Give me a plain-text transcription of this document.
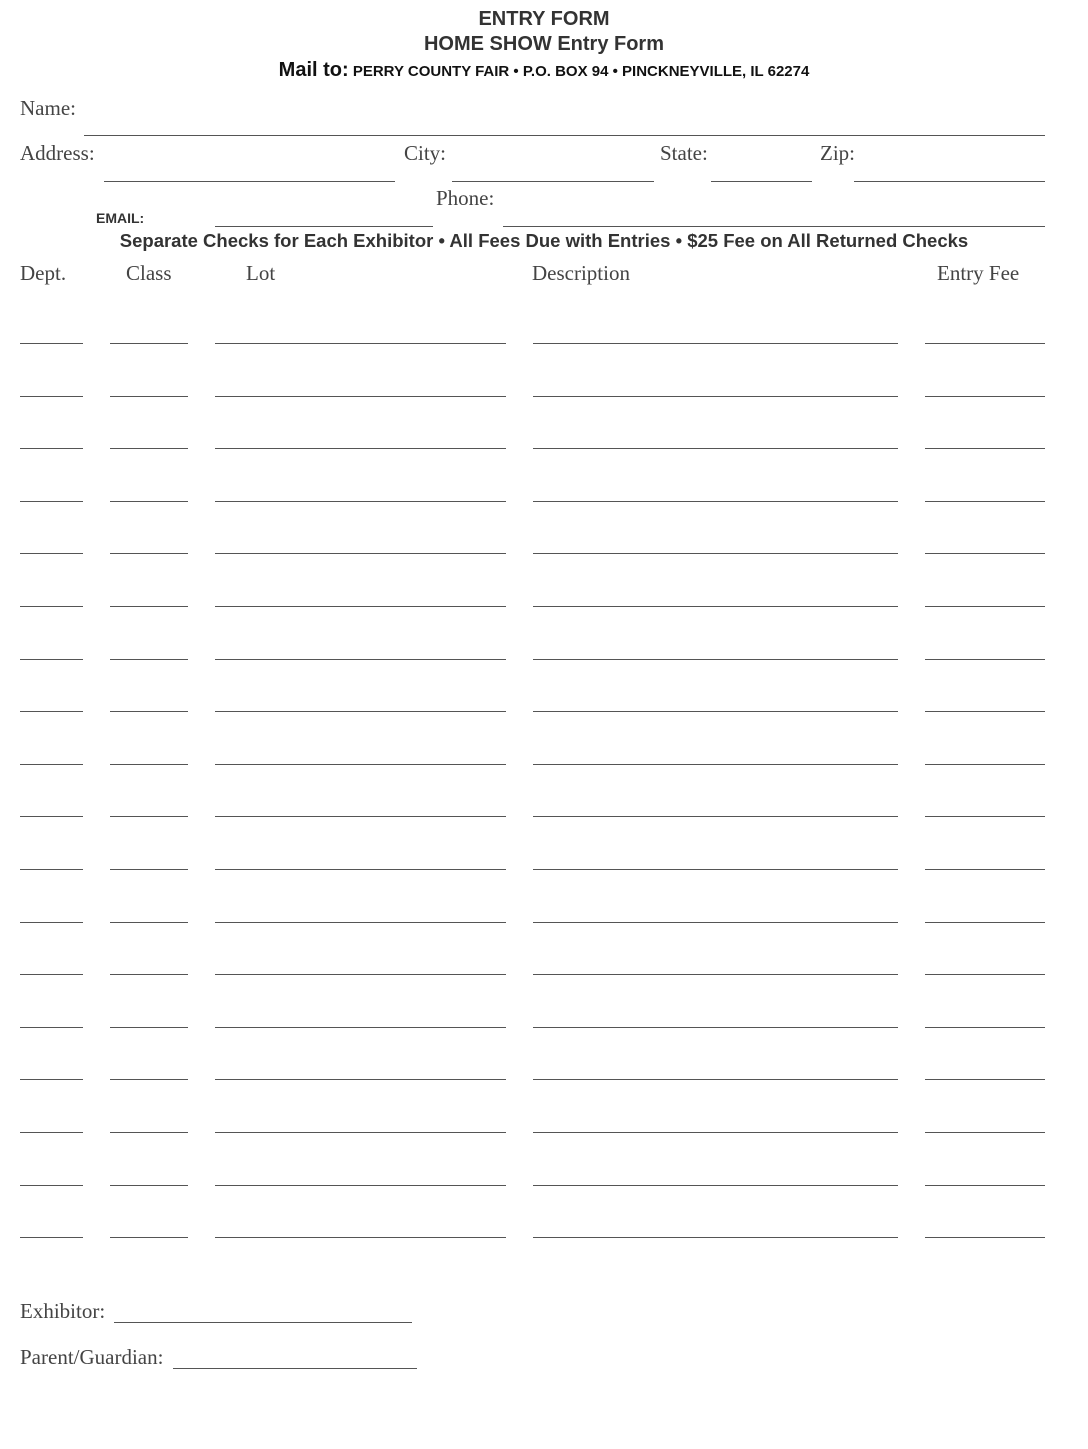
ENTRY FORM
HOME SHOW Entry Form
Mail to: PERRY COUNTY FAIR • P.O. BOX 94 • PINCKNEYVILLE, IL 62274
Name:
Address:	City:	State:	Zip:
Phone:
EMAIL:
Separate Checks for Each Exhibitor • All Fees Due with Entries • $25 Fee on All Returned Checks
Dept.	Class	Lot	Description	Entry Fee
Exhibitor:
Parent/Guardian:
